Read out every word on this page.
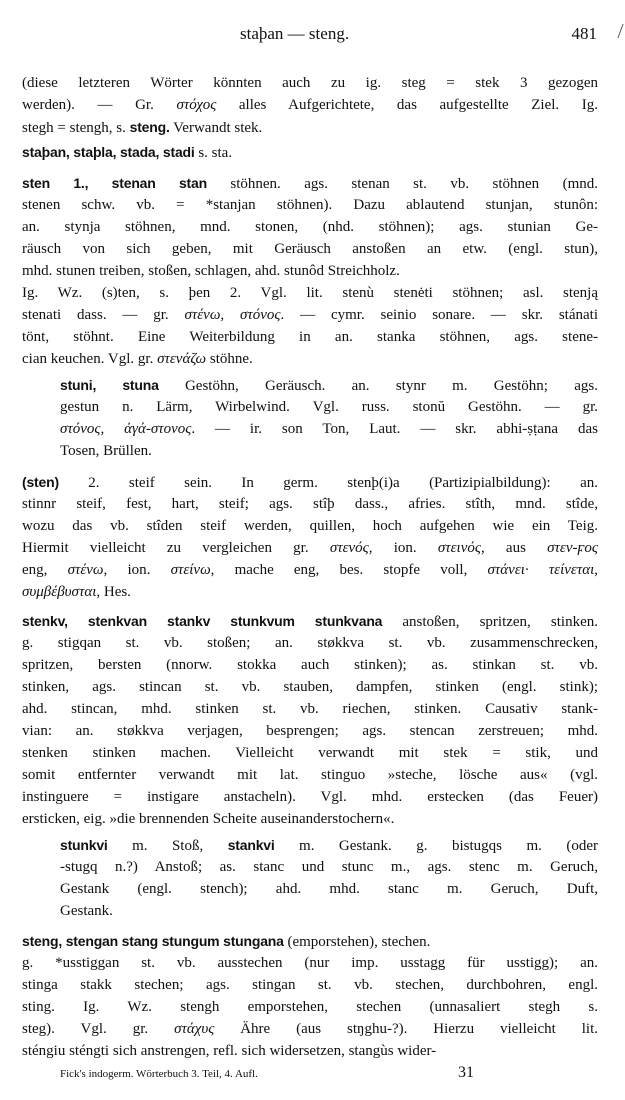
staþan — steng.	481
(diese letzteren Wörter könnten auch zu ig. steg = stek 3 gezogen
werden). — Gr. στόχος alles Aufgerichtete, das aufgestellte Ziel. Ig.
stegh = stengh, s. steng. Verwandt stek.
staþan, staþla, stada, stadi s. sta.
sten 1., stenan stan stöhnen. ags. stenan st. vb. stöhnen (mnd.
stenen schw. vb. = *stanjan stöhnen). Dazu ablautend stunjan, stunôn:
an. stynja stöhnen, mnd. stonen, (nhd. stöhnen); ags. stunian Ge-
räusch von sich geben, mit Geräusch anstoßen an etw. (engl. stun),
mhd. stunen treiben, stoßen, schlagen, ahd. stunôd Streichholz.
Ig. Wz. (s)ten, s. þen 2. Vgl. lit. stenù stenėti stöhnen; asl. stenją
stenati dass. — gr. στένω, στόνος. — cymr. seinio sonare. — skr. stánati
tönt, stöhnt. Eine Weiterbildung in an. stanka stöhnen, ags. stene-
cian keuchen. Vgl. gr. στενάζω stöhne.
stuni, stuna Gestöhn, Geräusch. an. stynr m. Gestöhn; ags.
gestun n. Lärm, Wirbelwind. Vgl. russ. stonŭ Gestöhn. — gr.
στόνος, ἀγά-στονος. — ir. son Ton, Laut. — skr. abhi-ṣṭana das
Tosen, Brüllen.
(sten) 2. steif sein. In germ. stenþ(i)a (Partizipialbildung): an.
stinnr steif, fest, hart, steif; ags. stîþ dass., afries. stîth, mnd. stîde,
wozu das vb. stîden steif werden, quillen, hoch aufgehen wie ein Teig.
Hiermit vielleicht zu vergleichen gr. στενός, ion. στεινός, aus στεν-ϝος
eng, στένω, ion. στείνω, mache eng, bes. stopfe voll, στάνει· τείνεται,
συμβέβυσται, Hes.
stenkv, stenkvan stankv stunkvum stunkvana anstoßen, spritzen, stinken.
g. stigqan st. vb. stoßen; an. støkkva st. vb. zusammenschrecken,
spritzen, bersten (nnorw. stokka auch stinken); as. stinkan st. vb.
stinken, ags. stincan st. vb. stauben, dampfen, stinken (engl. stink);
ahd. stincan, mhd. stinken st. vb. riechen, stinken. Causativ stank-
vian: an. støkkva verjagen, besprengen; ags. stencan zerstreuen; mhd.
stenken stinken machen. Vielleicht verwandt mit stek = stik, und
somit entfernter verwandt mit lat. stinguo »steche, lösche aus« (vgl.
instinguere = instigare anstacheln). Vgl. mhd. erstecken (das Feuer)
ersticken, eig. »die brennenden Scheite auseinanderstochern«.
stunkvi m. Stoß, stankvi m. Gestank. g. bistugqs m. (oder
-stugq n.?) Anstoß; as. stanc und stunc m., ags. stenc m. Geruch,
Gestank (engl. stench); ahd. mhd. stanc m. Geruch, Duft,
Gestank.
steng, stengan stang stungum stungana (emporstehen), stechen.
g. *usstiggan st. vb. ausstechen (nur imp. usstagg für usstigg); an.
stinga stakk stechen; ags. stingan st. vb. stechen, durchbohren, engl.
sting. Ig. Wz. stengh emporstehen, stechen (unnasaliert stegh s.
steg). Vgl. gr. στάχυς Ähre (aus stŋghu-?). Hierzu vielleicht lit.
sténgiu sténgti sich anstrengen, refl. sich widersetzen, stangùs wider-
Fick's indogerm. Wörterbuch 3. Teil, 4. Aufl.	31
